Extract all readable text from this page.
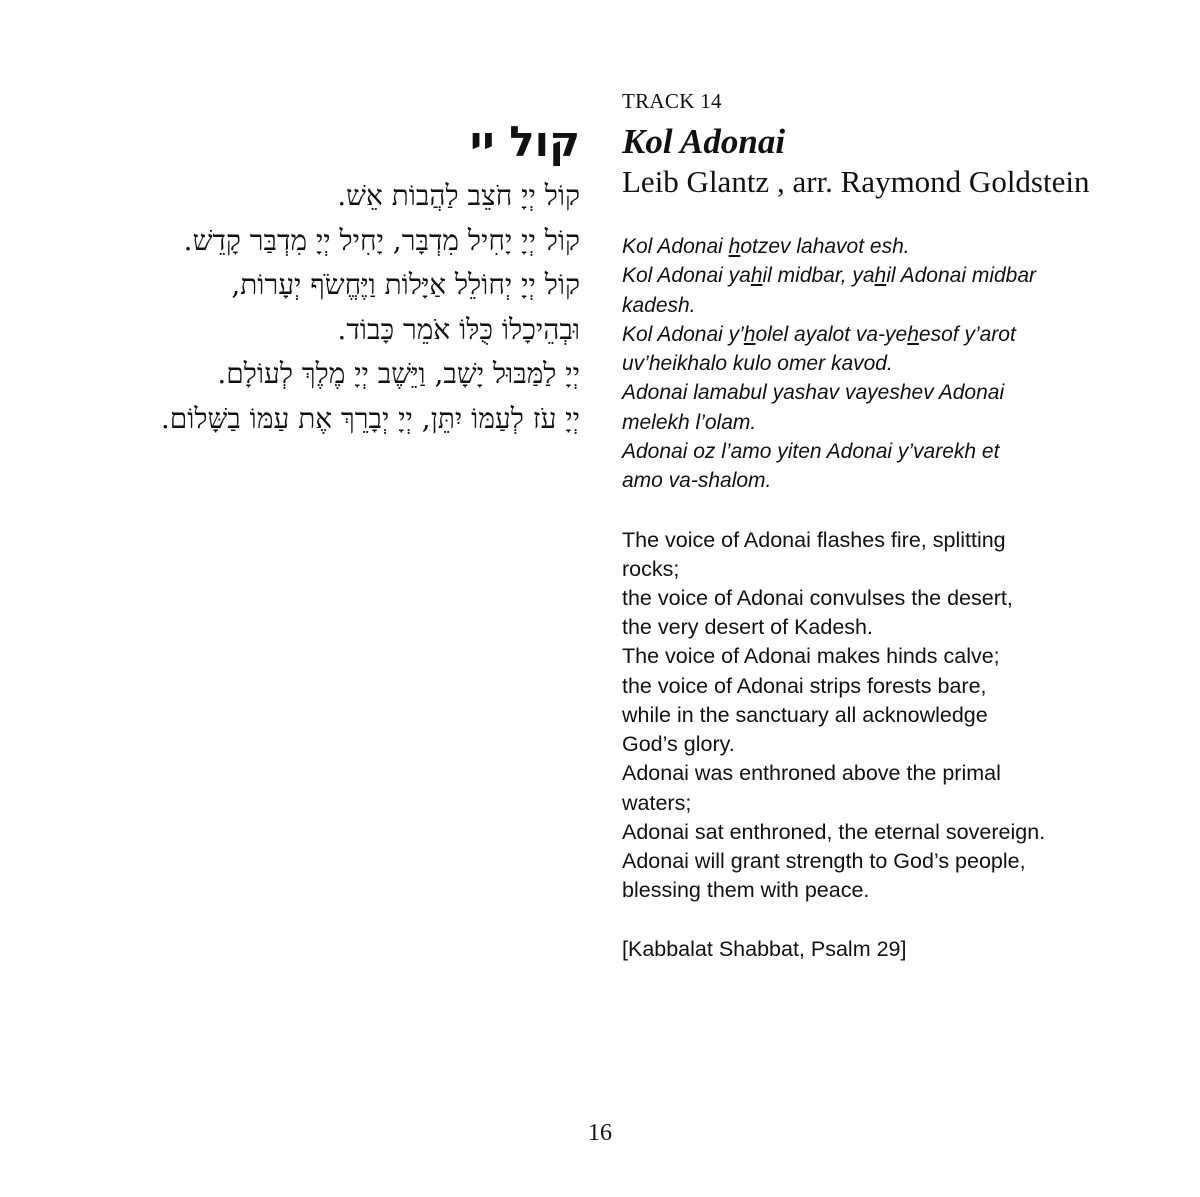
קול יי
קוֹל יְיָ חֹצֵב לַהֲבוֹת אֵשׁ.
קוֹל יְיָ יָחִיל מִדְבָּר, יָחִיל יְיָ מִדְבַּר קָדֵשׁ.
קוֹל יְיָ יְחוֹלֵל אַיָּלוֹת וַיֶּחֱשֹׂף יְעָרוֹת,
וּבְהֵיכָלוֹ כֻּלּוֹ אֹמֵר כָּבוֹד.
יְיָ לַמַּבּוּל יָשָׁב, וַיֵּשֶׁב יְיָ מֶלֶךְ לְעוֹלָם.
יְיָ עֹז לְעַמּוֹ יִתֵּן, יְיָ יְבָרֵךְ אֶת עַמּוֹ בַשָּׁלוֹם.
TRACK 14
Kol Adonai
Leib Glantz , arr. Raymond Goldstein
Kol Adonai hotzev lahavot esh.
Kol Adonai yahil midbar, yahil Adonai midbar
kadesh.
Kol Adonai y’holel ayalot va-yehesof y’arot
uv’heikhalo kulo omer kavod.
Adonai lamabul yashav vayeshev Adonai
melekh l’olam.
Adonai oz l’amo yiten Adonai y’varekh et
amo va-shalom.
The voice of Adonai flashes fire, splitting
rocks;
the voice of Adonai convulses the desert,
the very desert of Kadesh.
The voice of Adonai makes hinds calve;
the voice of Adonai strips forests bare,
while in the sanctuary all acknowledge
God’s glory.
Adonai was enthroned above the primal
waters;
Adonai sat enthroned, the eternal sovereign.
Adonai will grant strength to God’s people,
blessing them with peace.
[Kabbalat Shabbat, Psalm 29]
16
